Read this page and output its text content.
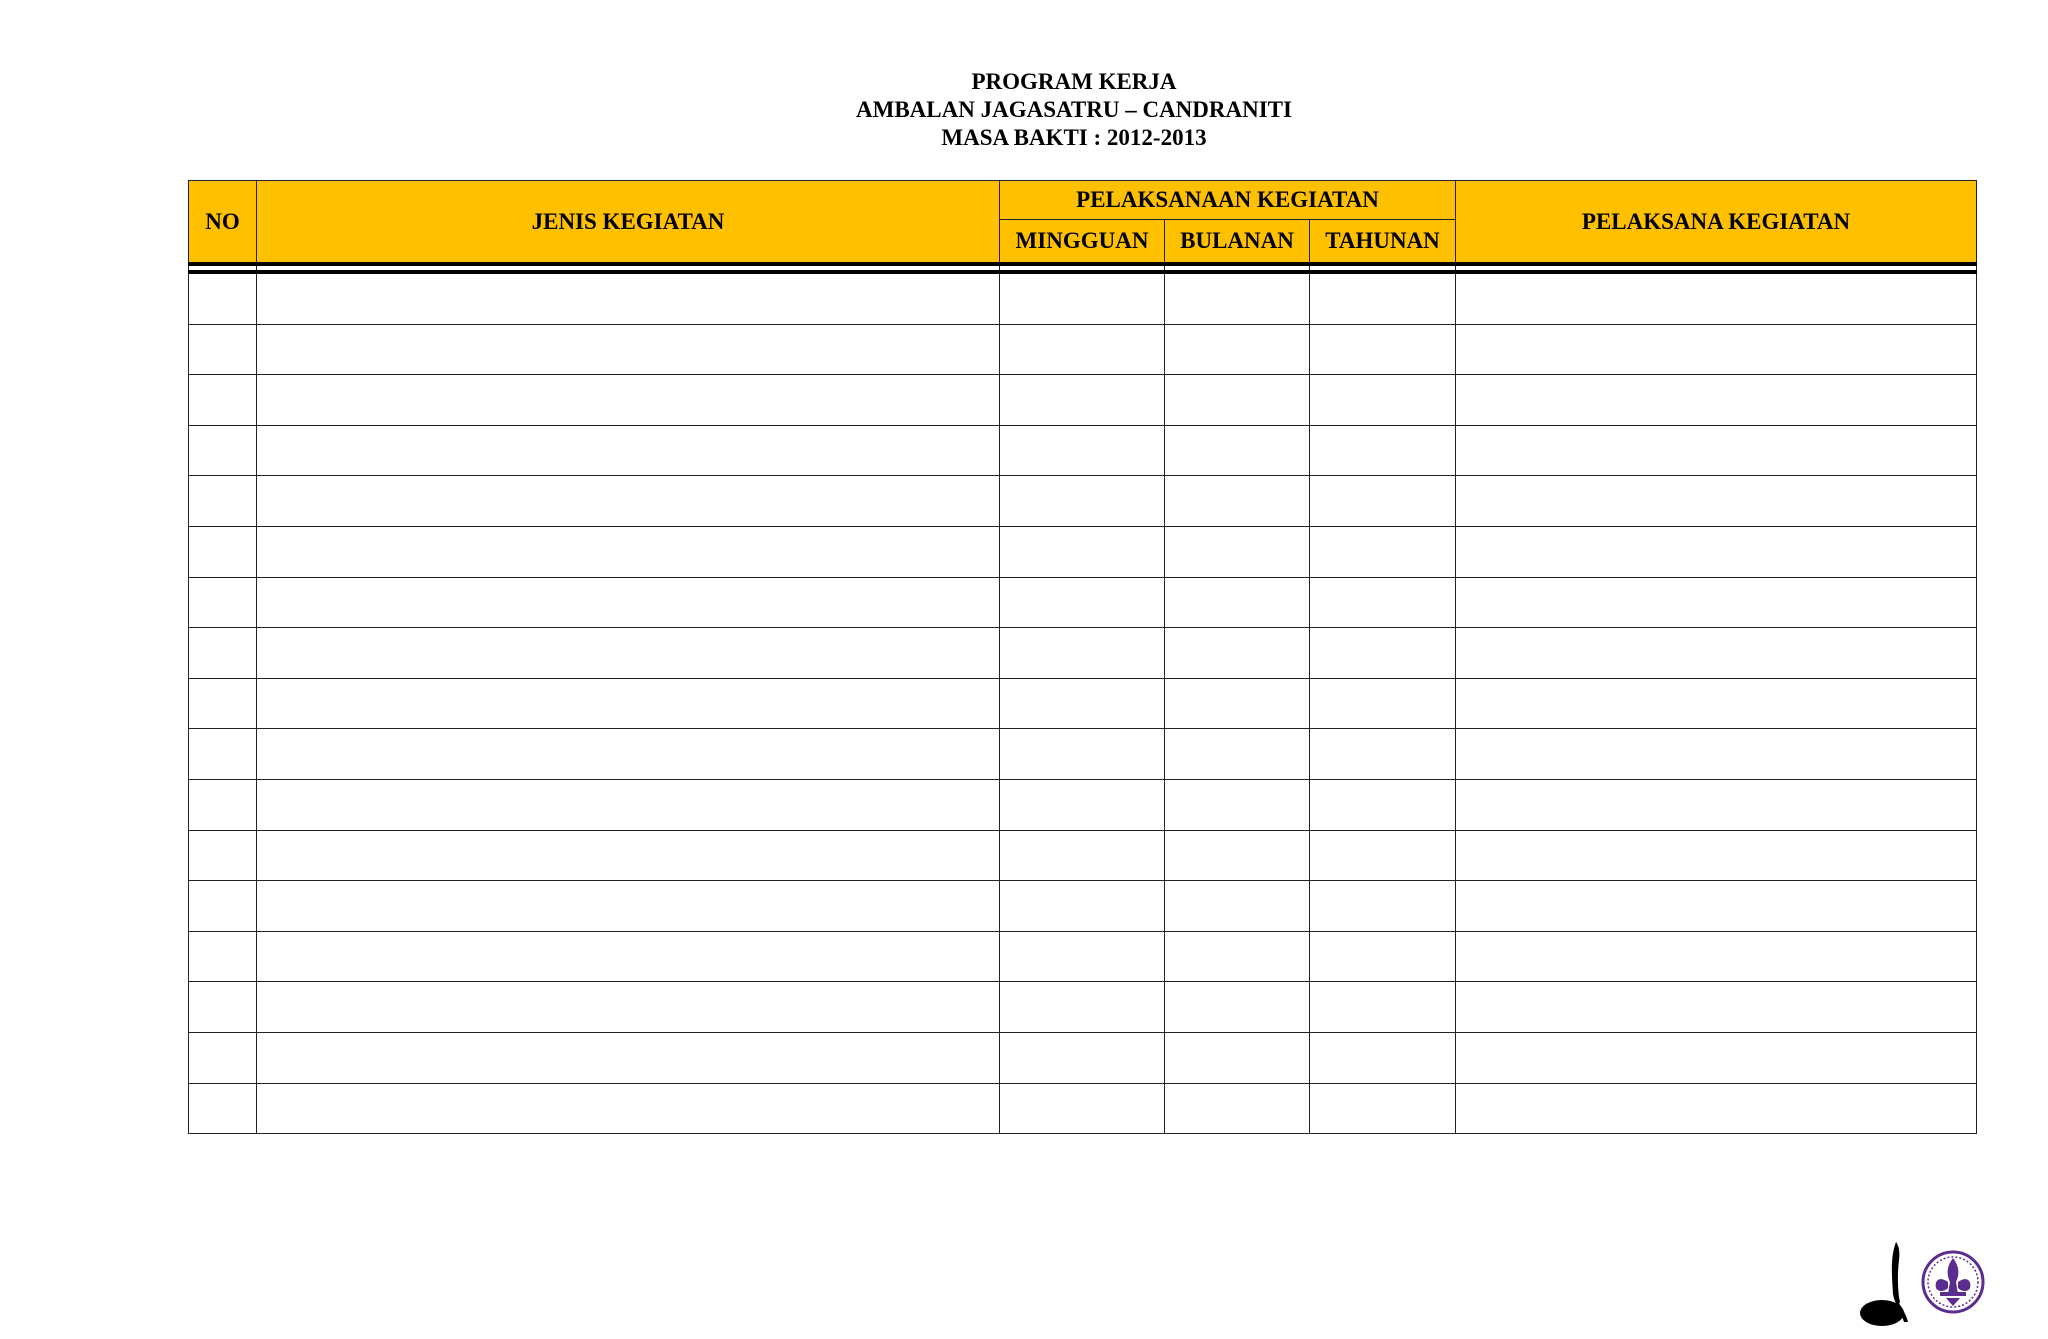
PROGRAM KERJA
AMBALAN JAGASATRU – CANDRANITI
MASA BAKTI : 2012-2013
NO	JENIS KEGIATAN	PELAKSANAAN KEGIATAN			PELAKSANA KEGIATAN
		MINGGUAN	BULANAN	TAHUNAN	
